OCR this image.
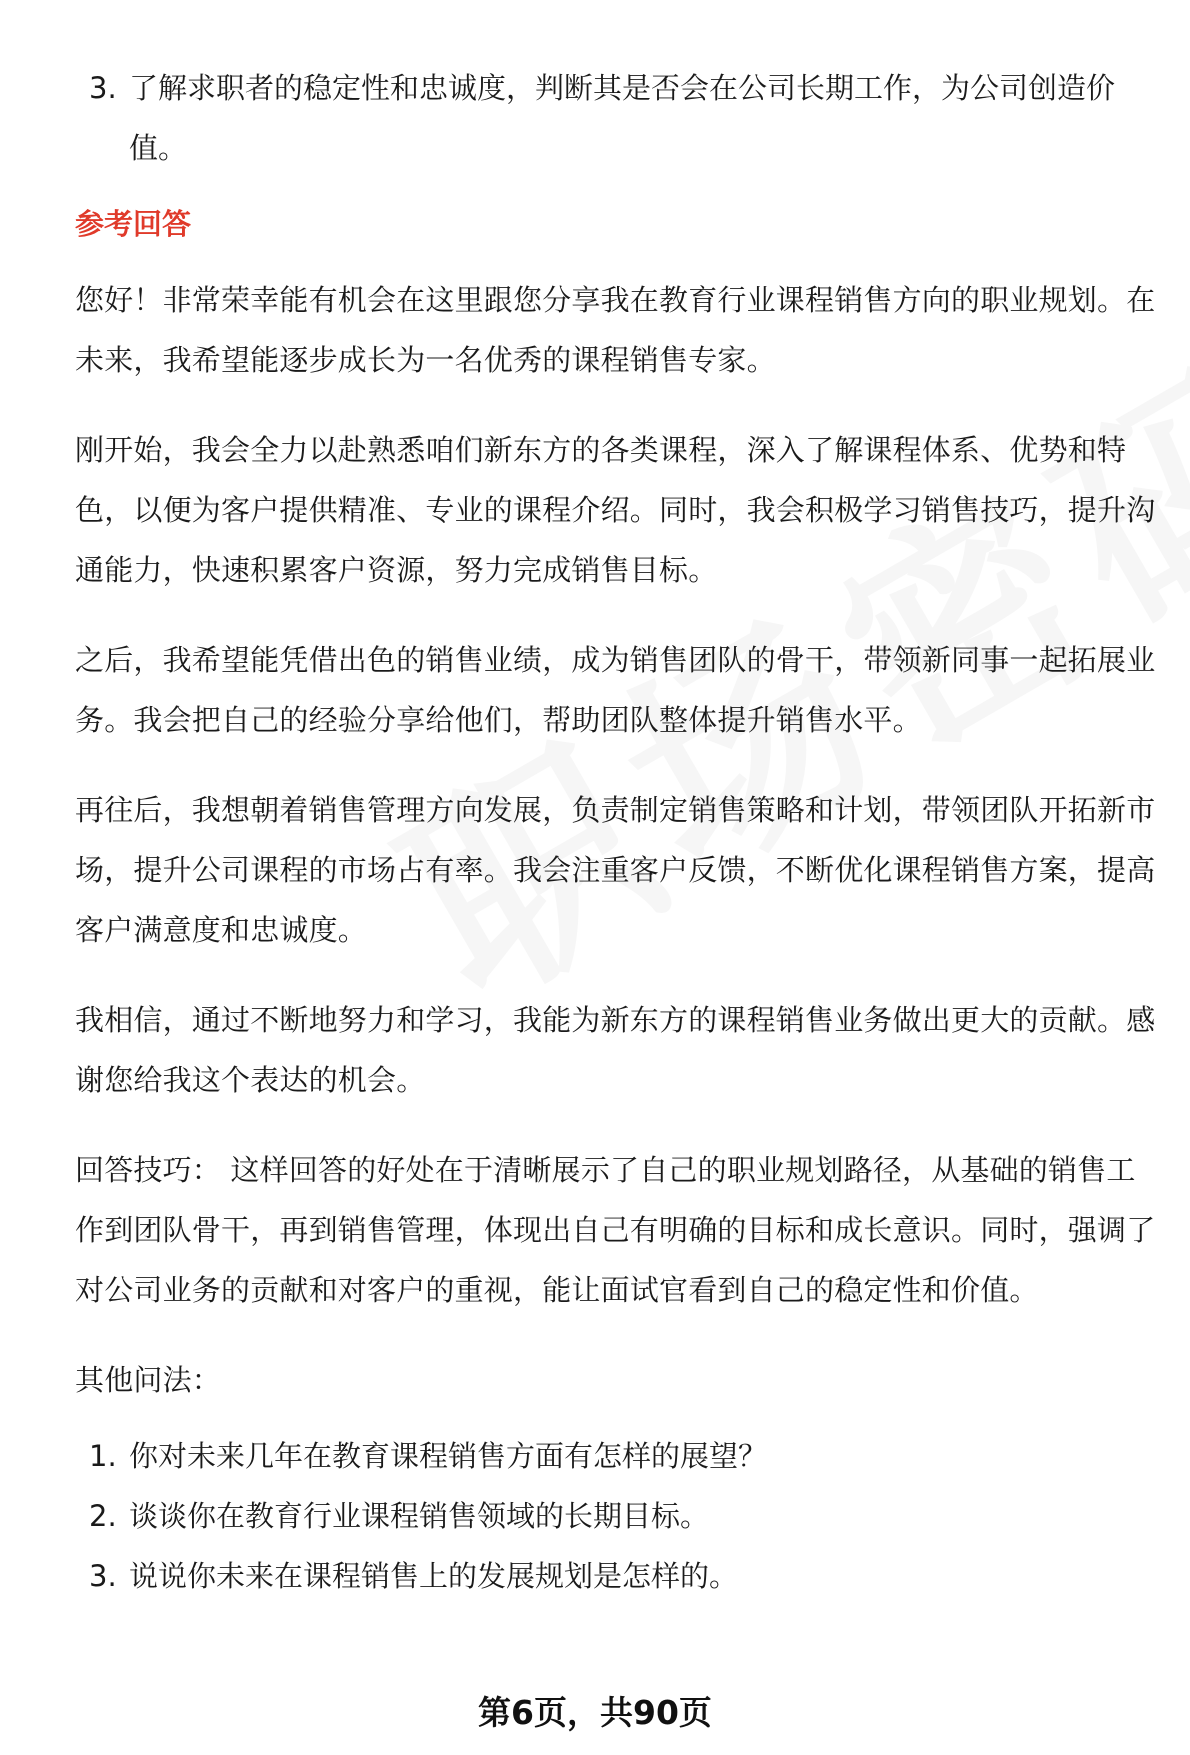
3. 了解求职者的稳定性和忠诚度，判断其是否会在公司长期工作，为公司创造价值。
参考回答

您好！非常荣幸能有机会在这里跟您分享我在教育行业课程销售方向的职业规划。在未来，我希望能逐步成长为一名优秀的课程销售专家。

刚开始，我会全力以赴熟悉咱们新东方的各类课程，深入了解课程体系、优势和特色，以便为客户提供精准、专业的课程介绍。同时，我会积极学习销售技巧，提升沟通能力，快速积累客户资源，努力完成销售目标。

之后，我希望能凭借出色的销售业绩，成为销售团队的骨干，带领新同事一起拓展业务。我会把自己的经验分享给他们，帮助团队整体提升销售水平。

再往后，我想朝着销售管理方向发展，负责制定销售策略和计划，带领团队开拓新市场，提升公司课程的市场占有率。我会注重客户反馈，不断优化课程销售方案，提高客户满意度和忠诚度。

我相信，通过不断地努力和学习，我能为新东方的课程销售业务做出更大的贡献。感谢您给我这个表达的机会。

回答技巧： 这样回答的好处在于清晰展示了自己的职业规划路径，从基础的销售工作到团队骨干，再到销售管理，体现出自己有明确的目标和成长意识。同时，强调了对公司业务的贡献和对客户的重视，能让面试官看到自己的稳定性和价值。

其他问法：

1. 你对未来几年在教育课程销售方面有怎样的展望？
2. 谈谈你在教育行业课程销售领域的长期目标。
3. 说说你未来在课程销售上的发展规划是怎样的。
第6页，共90页
